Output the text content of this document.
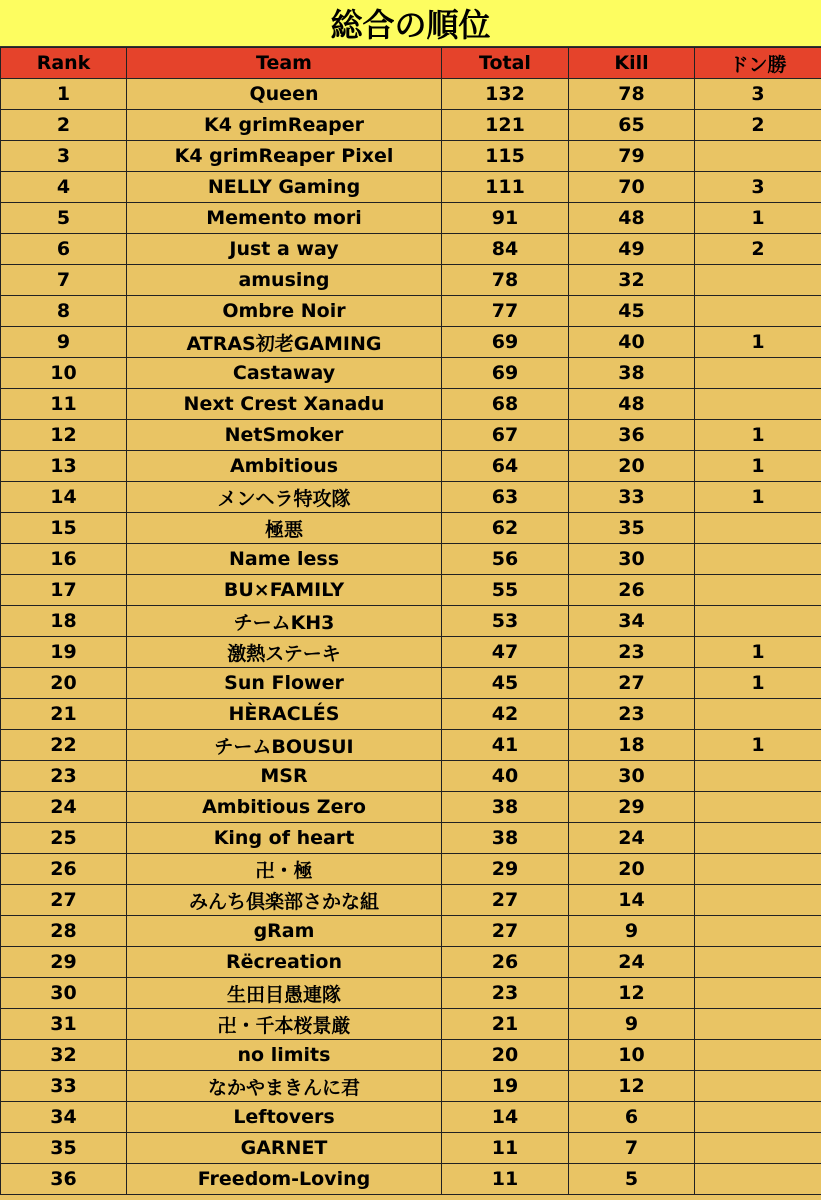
総合の順位
Rank	Team	Total	Kill	ドン勝
1	Queen	132	78	3
2	K4 grimReaper	121	65	2
3	K4 grimReaper Pixel	115	79	
4	NELLY Gaming	111	70	3
5	Memento mori	91	48	1
6	Just a way	84	49	2
7	amusing	78	32	
8	Ombre Noir	77	45	
9	ATRAS初老GAMING	69	40	1
10	Castaway	69	38	
11	Next Crest Xanadu	68	48	
12	NetSmoker	67	36	1
13	Ambitious	64	20	1
14	メンヘラ特攻隊	63	33	1
15	極悪	62	35	
16	Name less	56	30	
17	BU×FAMILY	55	26	
18	チームKH3	53	34	
19	激熱ステーキ	47	23	1
20	Sun Flower	45	27	1
21	HÈRACLÉS	42	23	
22	チームBOUSUI	41	18	1
23	MSR	40	30	
24	Ambitious Zero	38	29	
25	King of heart	38	24	
26	卍・極	29	20	
27	みんち倶楽部さかな組	27	14	
28	gRam	27	9	
29	Rëcreation	26	24	
30	生田目愚連隊	23	12	
31	卍・千本桜景厳	21	9	
32	no limits	20	10	
33	なかやまきんに君	19	12	
34	Leftovers	14	6	
35	GARNET	11	7	
36	Freedom-Loving	11	5	
